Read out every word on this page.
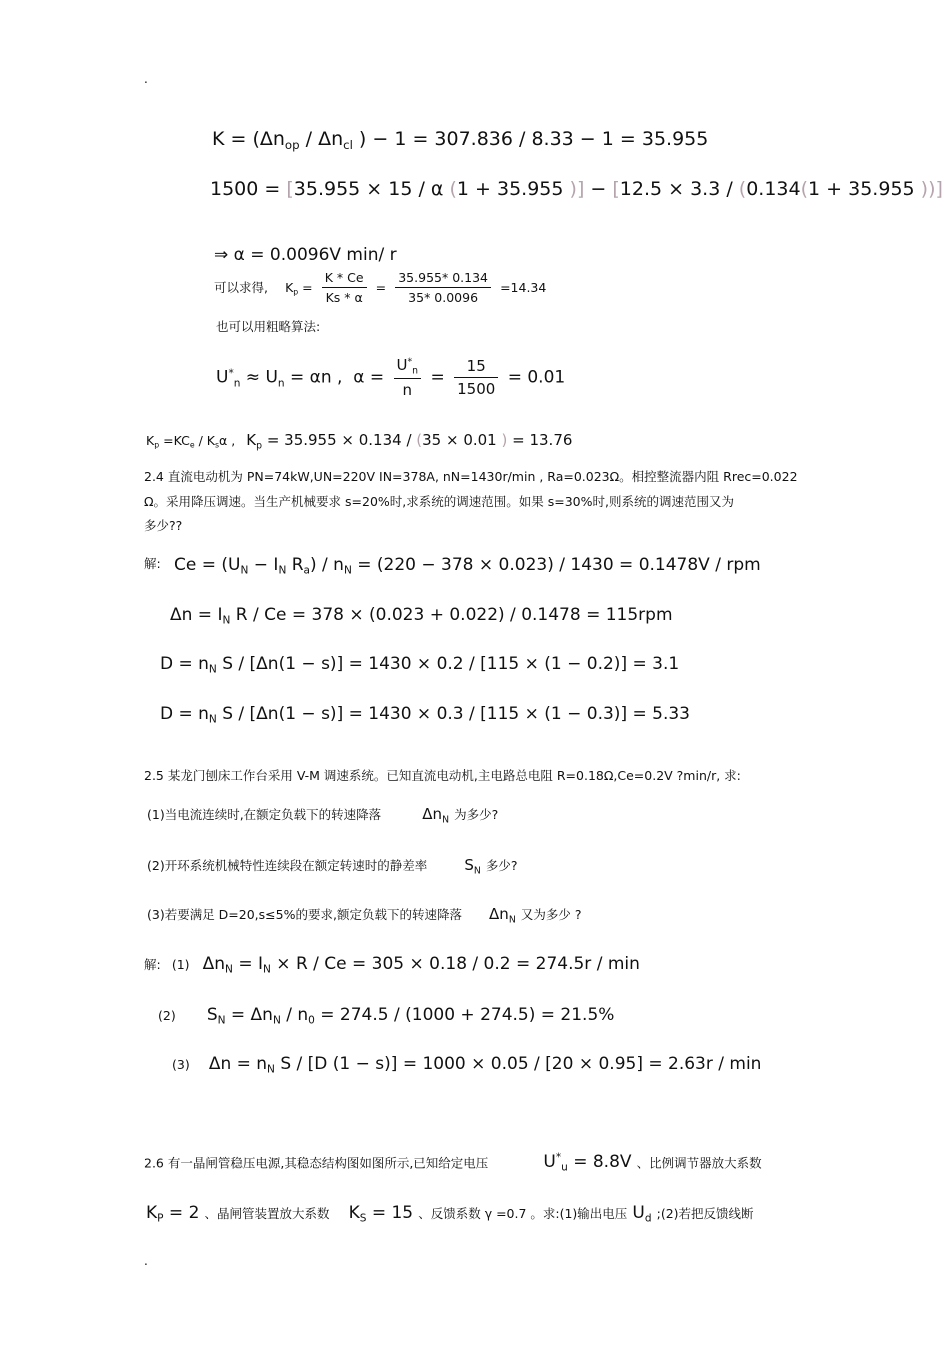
.
$K = (\Delta n_{op} / \Delta n_{cl}$ ) − 1 = 307.836 / 8.33 − 1 = 35.955
1500 = [35.955 × 15 / α (1 + 35.955 )] − [12.5 × 3.3 / (0.134(1 + 35.955 ))]
⇒ α = 0.0096V min/ r
可以求得, $K_p = \frac{K * Ce}{Ks * \alpha} = \frac{35.955* 0.134}{35* 0.0096} =14.34$
也可以用粗略算法:
$U^*_n \approx U_n = \alpha n$ ,  $\alpha = \frac{U^*_n}{n} = \frac{15}{1500} = 0.01$
$K_p =KC_e / K_s\alpha$ , $K_p = 35.955 \times 0.134 / (35 \times 0.01$ ) = 13.76
2.4 直流电动机为 PN=74kW,UN=220V IN=378A, nN=1430r/min , Ra=0.023Ω。相控整流器内阻 Rrec=0.022
Ω。采用降压调速。当生产机械要求 s=20%时,求系统的调速范围。如果 s=30%时,则系统的调速范围又为
多少??
解: $Ce = (U_N - I_N$ $R_a) / n_N = (220 - 378 \times 0.023) / 1430 = 0.1478V$ / rpm
$\Delta n = I_N$ R / Ce = 378 × (0.023 + 0.022) / 0.1478 = 115rpm
$D = n_N$ S / [Δn(1 − s)] = 1430 × 0.2 / [115 × (1 − 0.2)] = 3.1
$D = n_N$ S / [Δn(1 − s)] = 1430 × 0.3 / [115 × (1 − 0.3)] = 5.33
2.5 某龙门刨床工作台采用 V-M 调速系统。已知直流电动机,主电路总电阻 R=0.18Ω,Ce=0.2V ?min/r, 求:
(1)当电流连续时,在额定负载下的转速降落	$\Delta n_N$ 为多少?
(2)开环系统机械特性连续段在额定转速时的静差率 $S_N$ 多少?
(3)若要满足 D=20,s≤5%的要求,额定负载下的转速降落 $\Delta n_N$ 又为多少 ?
解: (1) $\Delta n_N = I_N \times R / Ce = 305 \times 0.18 / 0.2 = 274.5r / \min$
(2) $S_N = \Delta n_N / n_0 = 274.5 / (1000 + 274.5) = 21.5\%$
(3) $\Delta n = n_N$ S / [D (1 − s)] = 1000 × 0.05 / [20 × 0.95] = 2.63r / min
2.6 有一晶闸管稳压电源,其稳态结构图如图所示,已知给定电压	$U^*_u = 8.8V$ 、比例调节器放大系数
$K_P = 2$ 、晶闸管装置放大系数 $K_S = 15$ 、反馈系数 γ =0.7 。求:(1)输出电压 $U_d$ ;(2)若把反馈线断
.
